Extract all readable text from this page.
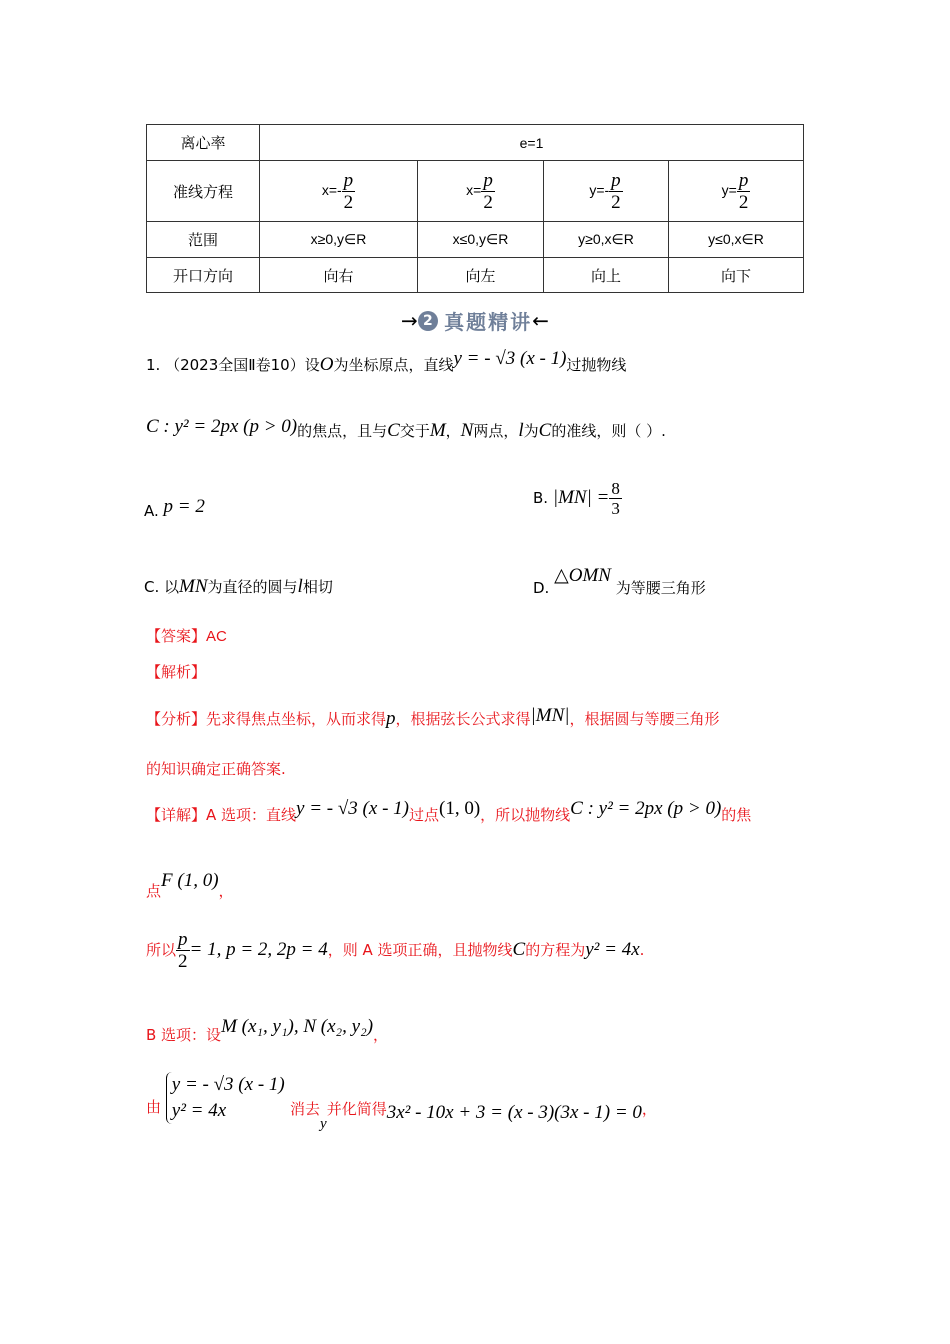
离心率	e=1			
准线方程	$x=- \frac{p}{2}$	$x= \frac{p}{2}$	$y=- \frac{p}{2}$	$y= \frac{p}{2}$

范围	x≥0,y∈R	x≤0,y∈R	y≥0,x∈R	y≤0,x∈R
开口方向	向右	向左	向上	向下
→ 2 真题精讲←
1. （2023全国Ⅱ卷10）设O为坐标原点，直线y = - √3 (x - 1)过抛物线
C : y² = 2px (p > 0)的焦点，且与C交于M，N两点，l为C的准线，则（ ）.
A. p = 2	B. $|MN| = \frac{8}{3}$
C. 以MN为直径的圆与l相切	D. △OMN 为等腰三角形
【答案】AC
【解析】
【分析】先求得焦点坐标，从而求得p，根据弦长公式求得|MN|，根据圆与等腰三角形
的知识确定正确答案.
【详解】A 选项：直线y = - √3 (x - 1)过点(1, 0)，所以抛物线C : y² = 2px (p > 0)的焦
点F (1, 0)，
所以 $\frac{p}{2} = 1$, p = 2, 2p = 4，则 A 选项正确，且抛物线C的方程为y² = 4x.
B 选项：设M (x₁, y₁), N (x₂, y₂)，
由
y = - √3 (x - 1)
y² = 4x	消去y并化简得3x² - 10x + 3 = (x - 3)(3x - 1) = 0，
